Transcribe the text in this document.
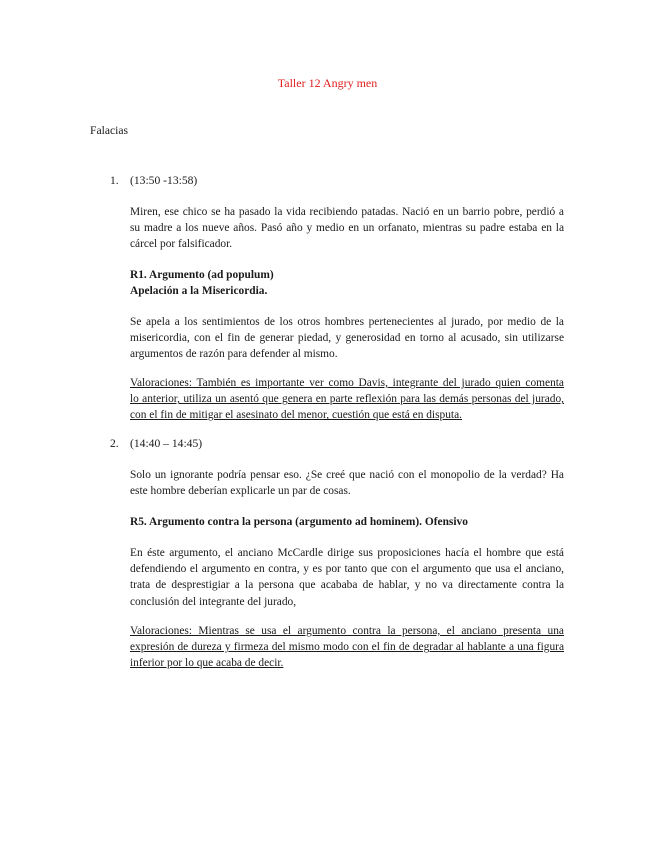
Taller 12 Angry men
Falacias
1. (13:50 -13:58)
Miren, ese chico se ha pasado la vida recibiendo patadas. Nació en un barrio pobre, perdió a
su madre a los nueve años. Pasó año y medio en un orfanato, mientras su padre estaba en la
cárcel por falsificador.
R1. Argumento (ad populum)
Apelación a la Misericordia.
Se apela a los sentimientos de los otros hombres pertenecientes al jurado, por medio de la
misericordia, con el fin de generar piedad, y generosidad en torno al acusado, sin utilizarse
argumentos de razón para defender al mismo.
Valoraciones: También es importante ver como Davis, integrante del jurado quien comenta
lo anterior, utiliza un asentó que genera en parte reflexión para las demás personas del jurado,
con el fin de mitigar el asesinato del menor, cuestión que está en disputa.
2. (14:40 – 14:45)
Solo un ignorante podría pensar eso. ¿Se creé que nació con el monopolio de la verdad? Ha
este hombre deberían explicarle un par de cosas.
R5. Argumento contra la persona (argumento ad hominem). Ofensivo
En éste argumento, el anciano McCardle dirige sus proposiciones hacía el hombre que está
defendiendo el argumento en contra, y es por tanto que con el argumento que usa el anciano,
trata de desprestigiar a la persona que acababa de hablar, y no va directamente contra la
conclusión del integrante del jurado,
Valoraciones: Mientras se usa el argumento contra la persona, el anciano presenta una
expresión de dureza y firmeza del mismo modo con el fin de degradar al hablante a una figura
inferior por lo que acaba de decir.
